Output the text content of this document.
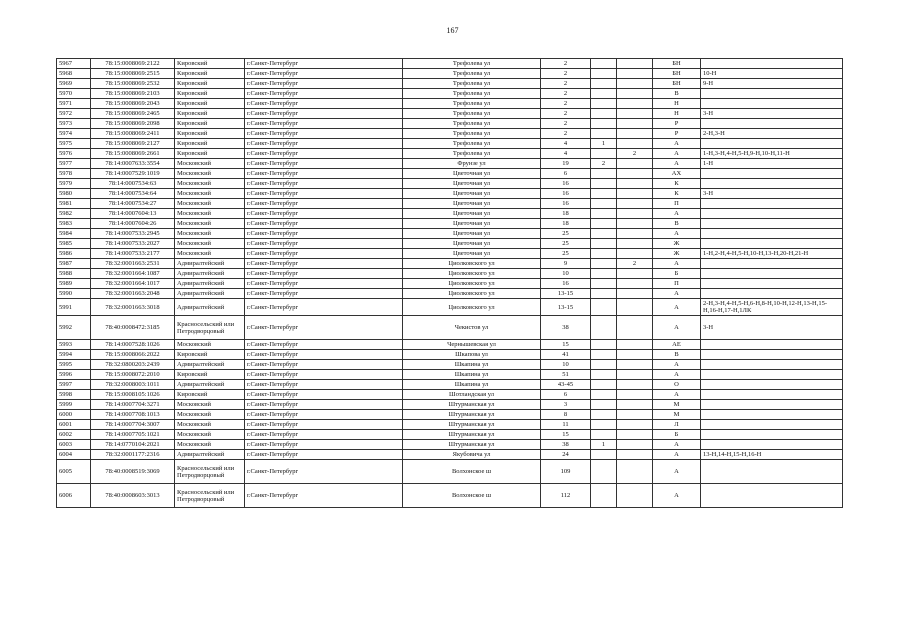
167
5967	78:15:0008069:2122	Кировский	г.Санкт-Петербург	Трефолева ул	2			БН	
5968	78:15:0008069:2515	Кировский	г.Санкт-Петербург	Трефолева ул	2			БН	10-Н
5969	78:15:0008069:2532	Кировский	г.Санкт-Петербург	Трефолева ул	2			БН	9-Н
5970	78:15:0008069:2103	Кировский	г.Санкт-Петербург	Трефолева ул	2			В	
5971	78:15:0008069:2043	Кировский	г.Санкт-Петербург	Трефолева ул	2			Н	
5972	78:15:0008069:2465	Кировский	г.Санкт-Петербург	Трефолева ул	2			Н	3-Н
5973	78:15:0008069:2098	Кировский	г.Санкт-Петербург	Трефолева ул	2			Р	
5974	78:15:0008069:2411	Кировский	г.Санкт-Петербург	Трефолева ул	2			Р	2-Н,3-Н
5975	78:15:0008069:2127	Кировский	г.Санкт-Петербург	Трефолева ул	4	1		А	
5976	78:15:0008069:2661	Кировский	г.Санкт-Петербург	Трефолева ул	4		2	А	1-Н,3-Н,4-Н,5-Н,9-Н,10-Н,11-Н
5977	78:14:0007633:3554	Московский	г.Санкт-Петербург	Фрунзе ул	19	2		А	1-Н
5978	78:14:0007529:1019	Московский	г.Санкт-Петербург	Цветочная ул	6			АХ	
5979	78:14:0007534:63	Московский	г.Санкт-Петербург	Цветочная ул	16			К	
5980	78:14:0007534:64	Московский	г.Санкт-Петербург	Цветочная ул	16			К	3-Н
5981	78:14:0007534:27	Московский	г.Санкт-Петербург	Цветочная ул	16			П	
5982	78:14:0007604:13	Московский	г.Санкт-Петербург	Цветочная ул	18			А	
5983	78:14:0007604:26	Московский	г.Санкт-Петербург	Цветочная ул	18			В	
5984	78:14:0007533:2945	Московский	г.Санкт-Петербург	Цветочная ул	25			А	
5985	78:14:0007533:2027	Московский	г.Санкт-Петербург	Цветочная ул	25			Ж	
5986	78:14:0007533:2177	Московский	г.Санкт-Петербург	Цветочная ул	25			Ж	1-Н,2-Н,4-Н,5-Н,10-Н,13-Н,20-Н,21-Н
5987	78:32:0001663:2531	Адмиралтейский	г.Санкт-Петербург	Циолковского ул	9		2	А	
5988	78:32:0001664:1087	Адмиралтейский	г.Санкт-Петербург	Циолковского ул	10			Б	
5989	78:32:0001664:1017	Адмиралтейский	г.Санкт-Петербург	Циолковского ул	16			П	
5990	78:32:0001663:2048	Адмиралтейский	г.Санкт-Петербург	Циолковского ул	13-15			А	
5991	78:32:0001663:3018	Адмиралтейский	г.Санкт-Петербург	Циолковского ул	13-15			А	2-Н,3-Н,4-Н,5-Н,6-Н,8-Н,10-Н,12-Н,13-Н,15-Н,16-Н,17-Н,1ЛК
5992	78:40:0008472:3185	Красносельский или Петродворцовый	г.Санкт-Петербург	Чекистов ул	38			А	3-Н
5993	78:14:0007528:1026	Московский	г.Санкт-Петербург	Чернышевская ул	15			АЕ	
5994	78:15:0008066:2022	Кировский	г.Санкт-Петербург	Шкапова ул	41			В	
5995	78:32:0800203:2439	Адмиралтейский	г.Санкт-Петербург	Шкапина ул	10			А	
5996	78:15:0008072:2010	Кировский	г.Санкт-Петербург	Шкапина ул	51			А	
5997	78:32:0008003:1011	Адмиралтейский	г.Санкт-Петербург	Шкапина ул	43-45			О	
5998	78:15:0008105:1026	Кировский	г.Санкт-Петербург	Шотландская ул	6			А	
5999	78:14:0007704:3271	Московский	г.Санкт-Петербург	Штурманская ул	3			М	
6000	78:14:0007708:1013	Московский	г.Санкт-Петербург	Штурманская ул	8			М	
6001	78:14:0007704:3007	Московский	г.Санкт-Петербург	Штурманская ул	11			Л	
6002	78:14:0007705:1021	Московский	г.Санкт-Петербург	Штурманская ул	15			Б	
6003	78:14:0770104:2021	Московский	г.Санкт-Петербург	Штурманская ул	38	1		А	
6004	78:32:0001177:2316	Адмиралтейский	г.Санкт-Петербург	Якубовича ул	24			А	13-Н,14-Н,15-Н,16-Н
6005	78:40:0008519:3069	Красносельский или Петродворцовый	г.Санкт-Петербург	Волхонское ш	109			А	
6006	78:40:0008603:3013	Красносельский или Петродворцовый	г.Санкт-Петербург	Волхонское ш	112			А	
